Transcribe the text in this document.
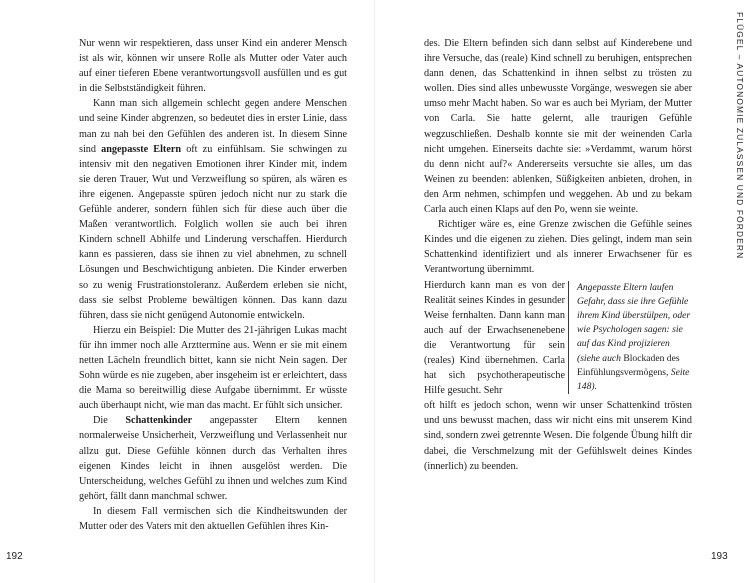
Nur wenn wir respektieren, dass unser Kind ein anderer Mensch ist als wir, können wir unsere Rolle als Mutter oder Vater auch auf einer tieferen Ebene verantwortungsvoll ausfüllen und es gut in die Selbstständigkeit führen.

Kann man sich allgemein schlecht gegen andere Menschen und seine Kinder abgrenzen, so bedeutet dies in erster Linie, dass man zu nah bei den Gefühlen des anderen ist. In diesem Sinne sind angepasste Eltern oft zu einfühlsam. Sie schwingen zu intensiv mit den negativen Emotionen ihrer Kinder mit, indem sie deren Trauer, Wut und Verzweiflung so spüren, als wären es ihre eigenen. Angepasste spüren jedoch nicht nur zu stark die Gefühle anderer, sondern fühlen sich für diese auch über die Maßen verantwortlich. Folglich wollen sie auch bei ihren Kindern schnell Abhilfe und Linderung verschaffen. Hierdurch kann es passieren, dass sie ihnen zu viel abnehmen, zu schnell Lösungen und Beschwichtigung anbieten. Die Kinder erwerben so zu wenig Frustrationstoleranz. Außerdem erleben sie nicht, dass sie selbst Probleme bewältigen können. Das kann dazu führen, dass sie nicht genügend Autonomie entwickeln.

Hierzu ein Beispiel: Die Mutter des 21-jährigen Lukas macht für ihn immer noch alle Arzttermine aus. Wenn er sie mit einem netten Lächeln freundlich bittet, kann sie nicht Nein sagen. Der Sohn würde es nie zugeben, aber insgeheim ist er erleichtert, dass die Mama so bereitwillig diese Aufgabe übernimmt. Er wüsste auch überhaupt nicht, wie man das macht. Er fühlt sich unsicher.

Die Schattenkinder angepasster Eltern kennen normalerweise Unsicherheit, Verzweiflung und Verlassenheit nur allzu gut. Diese Gefühle können durch das Verhalten ihres eigenen Kindes leicht in ihnen ausgelöst werden. Die Unterscheidung, welches Gefühl zu ihnen und welches zum Kind gehört, fällt dann manchmal schwer.

In diesem Fall vermischen sich die Kindheitswunden der Mutter oder des Vaters mit den aktuellen Gefühlen ihres Kin-

192

des. Die Eltern befinden sich dann selbst auf Kinderebene und ihre Versuche, das (reale) Kind schnell zu beruhigen, entsprechen dann denen, das Schattenkind in ihnen selbst zu trösten zu wollen. Dies sind alles unbewusste Vorgänge, weswegen sie aber umso mehr Macht haben. So war es auch bei Myriam, der Mutter von Carla. Sie hatte gelernt, alle traurigen Gefühle wegzuschließen. Deshalb konnte sie mit der weinenden Carla nicht umgehen. Einerseits dachte sie: »Verdammt, warum hörst du denn nicht auf?« Andererseits versuchte sie alles, um das Weinen zu beenden: ablenken, Süßigkeiten anbieten, drohen, in den Arm nehmen, schimpfen und weggehen. Ab und zu bekam Carla auch einen Klaps auf den Po, wenn sie weinte.

Richtiger wäre es, eine Grenze zwischen die Gefühle seines Kindes und die eigenen zu ziehen. Dies gelingt, indem man sein Schattenkind identifiziert und als innerer Erwachsener für es Verantwortung übernimmt.

Hierdurch kann man es von der Realität seines Kindes in gesunder Weise fernhalten. Dann kann man auch auf der Erwachsenenebene die Verantwortung für sein (reales) Kind übernehmen. Carla hat sich psychotherapeutische Hilfe gesucht. Sehr
Angepasste Eltern laufen Gefahr, dass sie ihre Gefühle ihrem Kind überstülpen, oder wie Psychologen sagen: sie auf das Kind projizieren (siehe auch Blockaden des Einfühlungsvermögens, Seite 148).
oft hilft es jedoch schon, wenn wir unser Schattenkind trösten und uns bewusst machen, dass wir nicht eins mit unserem Kind sind, sondern zwei getrennte Wesen. Die folgende Übung hilft dir dabei, die Verschmelzung mit der Gefühlswelt deines Kindes (innerlich) zu beenden.
FLÜGEL – AUTONOMIE ZULASSEN UND FÖRDERN
193
